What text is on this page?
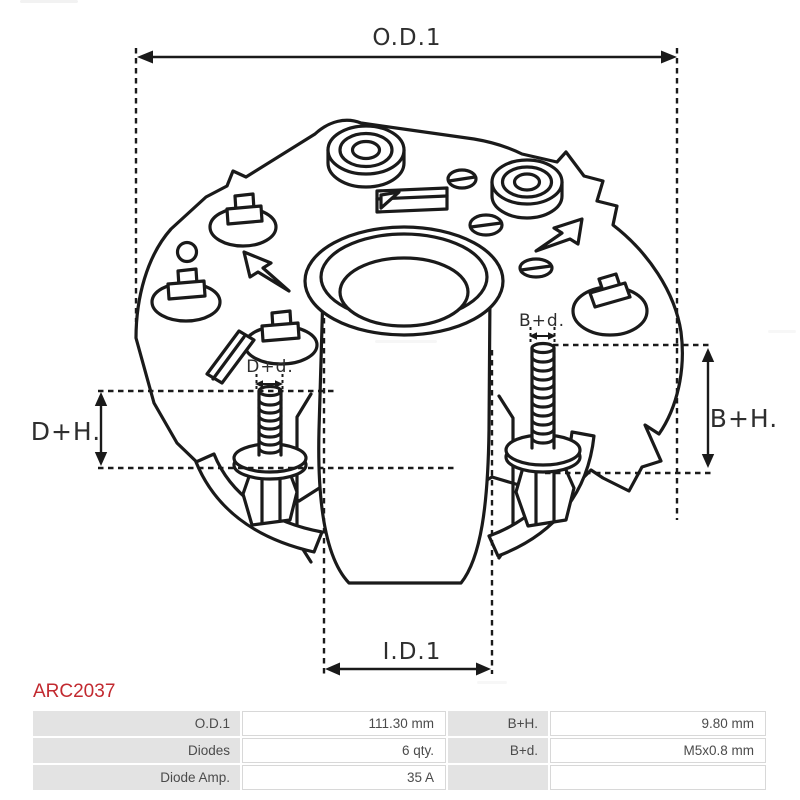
O.D.1
I.D.1
D+H.	B+H.
D+d.
B+d.
ARC2037
O.D.1	111.30 mm	B+H.	9.80 mm
Diodes	6 qty.	B+d.	M5x0.8 mm
Diode Amp.	35 A
